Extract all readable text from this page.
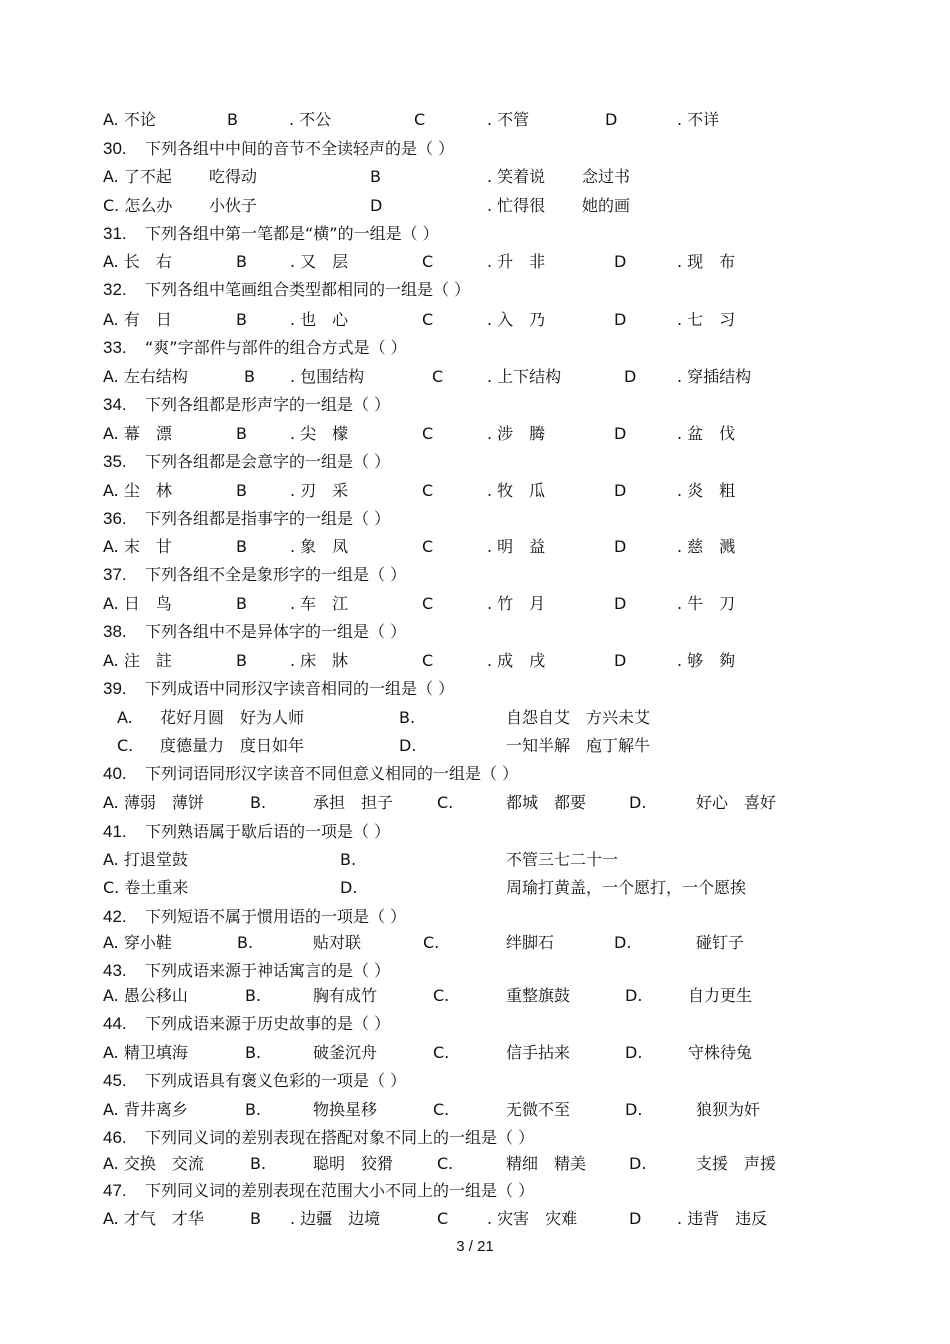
A. 不论	B	. 不公	C	. 不管	D	. 不详
30. 下列各组中中间的音节不全读轻声的是（ ）
A. 了不起 吃得动	B	. 笑着说 念过书
C. 怎么办 小伙子	D	. 忙得很 她的画
31. 下列各组中第一笔都是“横”的一组是（ ）
A. 长　右	B	. 又　层	C	. 升　非	D	. 现　布
32. 下列各组中笔画组合类型都相同的一组是（ ）
A. 有　日	B	. 也　心	C	. 入　乃	D	. 七　习
33. “爽”字部件与部件的组合方式是（ ）
A. 左右结构	B . 包围结构	C	. 上下结构	D	. 穿插结构
34. 下列各组都是形声字的一组是（ ）
A. 幕　漂	B	. 尖　檬	C	. 涉　腾	D	. 盆　伐
35. 下列各组都是会意字的一组是（ ）
A. 尘　林	B	. 刃　采	C	. 牧　瓜	D	. 炎　粗
36. 下列各组都是指事字的一组是（ ）
A. 末　甘	B	. 象　凤	C	. 明　益	D	. 慈　溅
37. 下列各组不全是象形字的一组是（ ）
A. 日　鸟	B	. 车　江	C	. 竹　月	D	. 牛　刀
38. 下列各组中不是异体字的一组是（ ）
A. 注　註	B	. 床　牀	C	. 成　戌	D	. 够　夠
39. 下列成语中同形汉字读音相同的一组是（ ）
A. 花好月圆　好为人师	B.	自怨自艾　方兴未艾
C. 度德量力　度日如年	D.	一知半解　庖丁解牛
40. 下列词语同形汉字读音不同但意义相同的一组是（ ）
A. 薄弱　薄饼	B.	承担　担子	C.	都城　都要	D.	好心　喜好
41. 下列熟语属于歇后语的一项是（ ）
A. 打退堂鼓	B.	不管三七二十一
C. 卷土重来	D.	周瑜打黄盖，一个愿打，一个愿挨
42. 下列短语不属于惯用语的一项是（ ）
A. 穿小鞋	B.	贴对联	C.	绊脚石	D.	碰钉子
43. 下列成语来源于神话寓言的是（ ）
A. 愚公移山	B.	胸有成竹	C.	重整旗鼓	D.	自力更生
44. 下列成语来源于历史故事的是（ ）
A. 精卫填海	B.	破釜沉舟	C.	信手拈来	D.	守株待兔
45. 下列成语具有褒义色彩的一项是（ ）
A. 背井离乡	B.	物换星移	C.	无微不至	D.	狼狈为奸
46. 下列同义词的差别表现在搭配对象不同上的一组是（ ）
A. 交换　交流	B.	聪明　狡猾	C.	精细　精美	D.	支援　声援
47. 下列同义词的差别表现在范围大小不同上的一组是（ ）
A. 才气　才华	B . 边疆　边境	C . 灾害　灾难	D . 违背　违反
3 / 21
